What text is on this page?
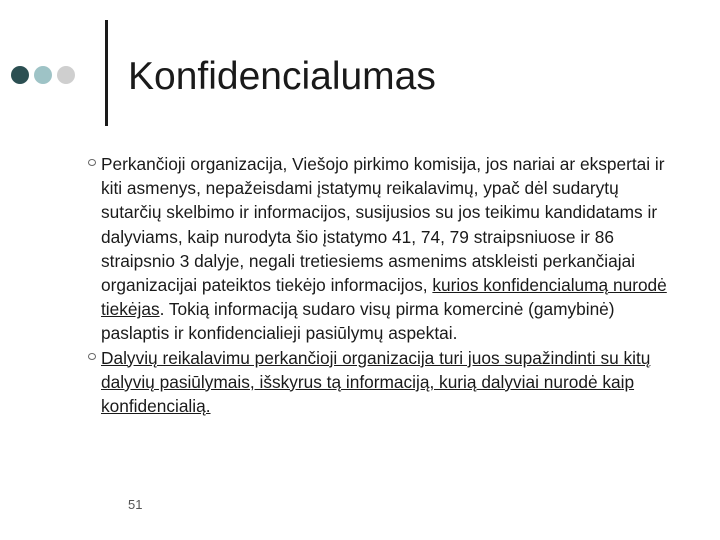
Konfidencialumas
Perkančioji organizacija, Viešojo pirkimo komisija, jos nariai ar ekspertai ir kiti asmenys, nepažeisdami įstatymų reikalavimų, ypač dėl sudarytų sutarčių skelbimo ir informacijos, susijusios su jos teikimu kandidatams ir dalyviams, kaip nurodyta šio įstatymo 41, 74, 79 straipsniuose ir 86 straipsnio 3 dalyje, negali tretiesiems asmenims atskleisti perkančiajai organizacijai pateiktos tiekėjo informacijos, kurios konfidencialumą nurodė tiekėjas. Tokią informaciją sudaro visų pirma komercinė (gamybinė) paslaptis ir konfidencialieji pasiūlymų aspektai.
Dalyvių reikalavimu perkančioji organizacija turi juos supažindinti su kitų dalyvių pasiūlymais, išskyrus tą informaciją, kurią dalyviai nurodė kaip konfidencialią.
51
